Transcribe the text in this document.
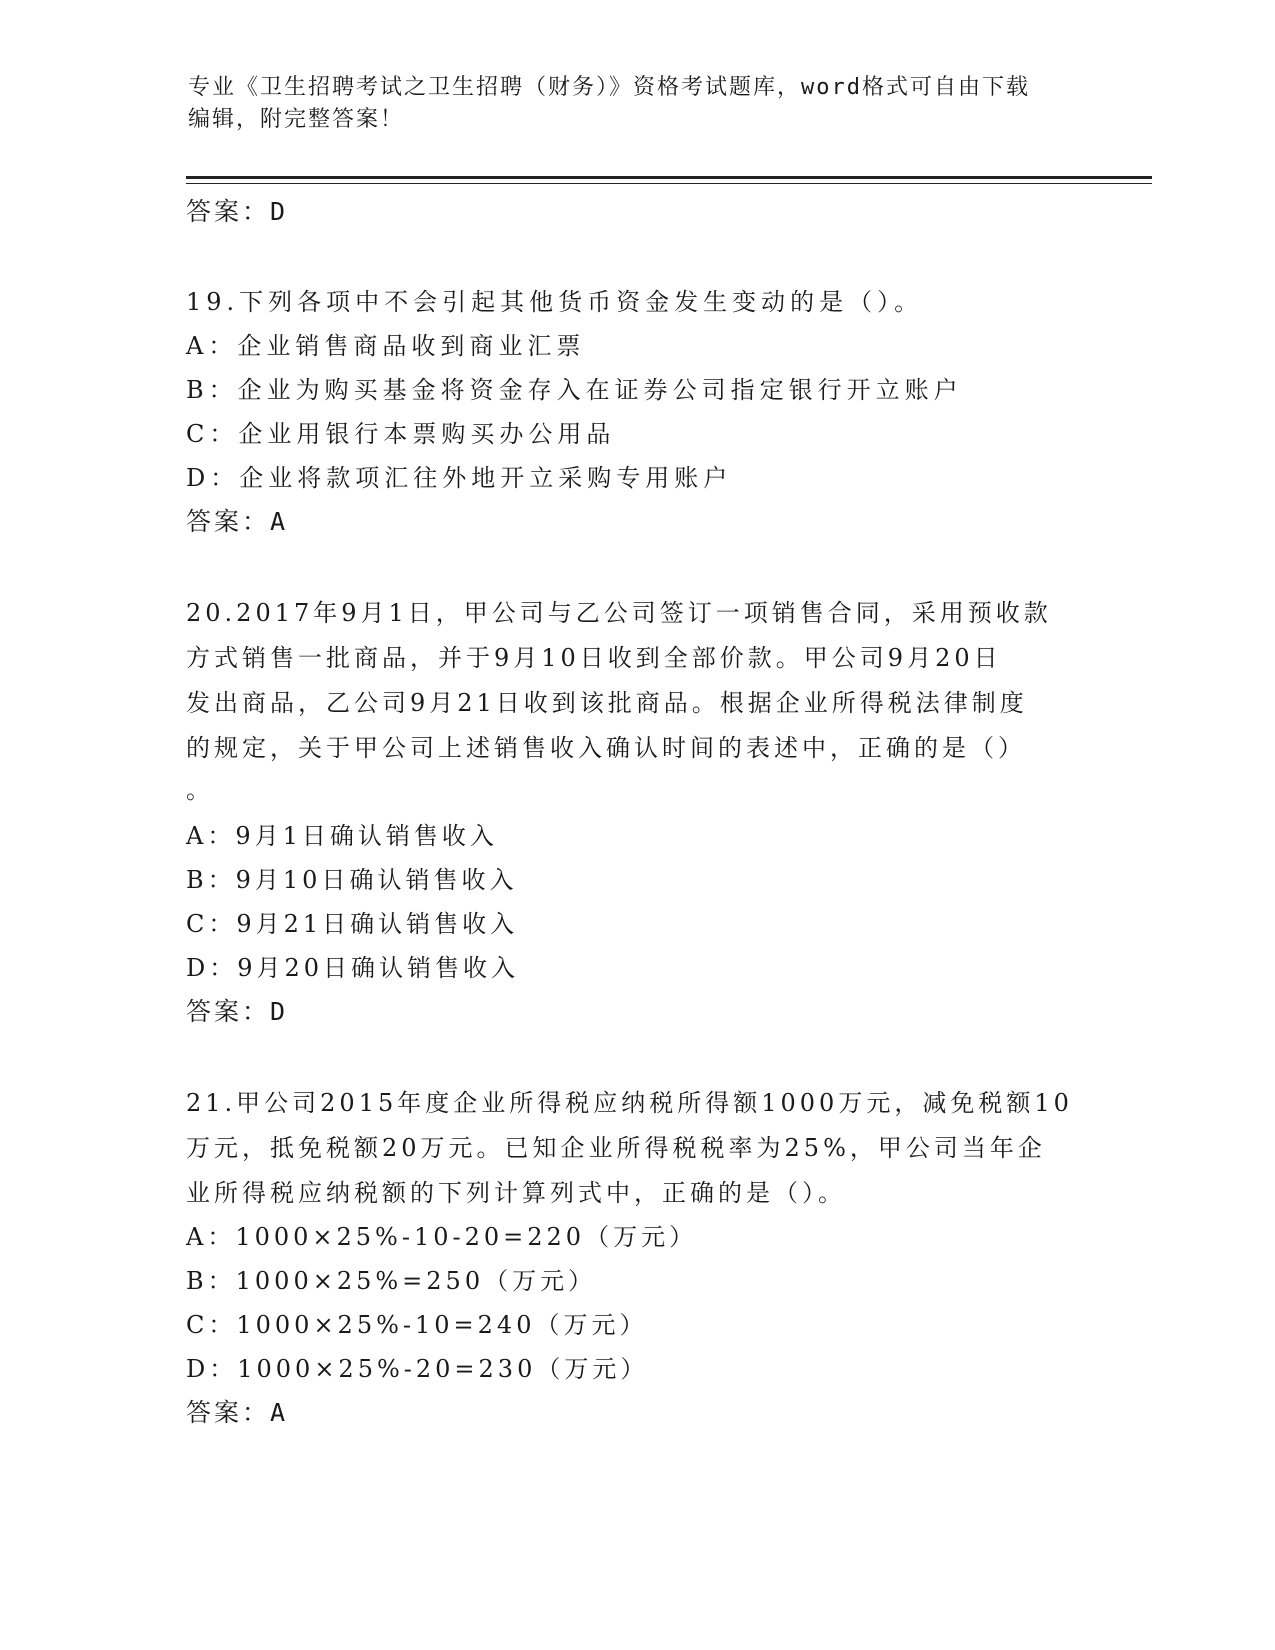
专业《卫生招聘考试之卫生招聘（财务）》资格考试题库，word格式可自由下载
编辑，附完整答案！
答案：D
19.下列各项中不会引起其他货币资金发生变动的是（）。
A：企业销售商品收到商业汇票
B：企业为购买基金将资金存入在证券公司指定银行开立账户
C：企业用银行本票购买办公用品
D：企业将款项汇往外地开立采购专用账户
答案：A
20.2017年9月1日，甲公司与乙公司签订一项销售合同，采用预收款
方式销售一批商品，并于9月10日收到全部价款。甲公司9月20日
发出商品，乙公司9月21日收到该批商品。根据企业所得税法律制度
的规定，关于甲公司上述销售收入确认时间的表述中，正确的是（）
。
A：9月1日确认销售收入
B：9月10日确认销售收入
C：9月21日确认销售收入
D：9月20日确认销售收入
答案：D
21.甲公司2015年度企业所得税应纳税所得额1000万元，减免税额10
万元，抵免税额20万元。已知企业所得税税率为25%，甲公司当年企
业所得税应纳税额的下列计算列式中，正确的是（）。
A：1000×25%-10-20=220（万元）
B：1000×25%=250（万元）
C：1000×25%-10=240（万元）
D：1000×25%-20=230（万元）
答案：A
